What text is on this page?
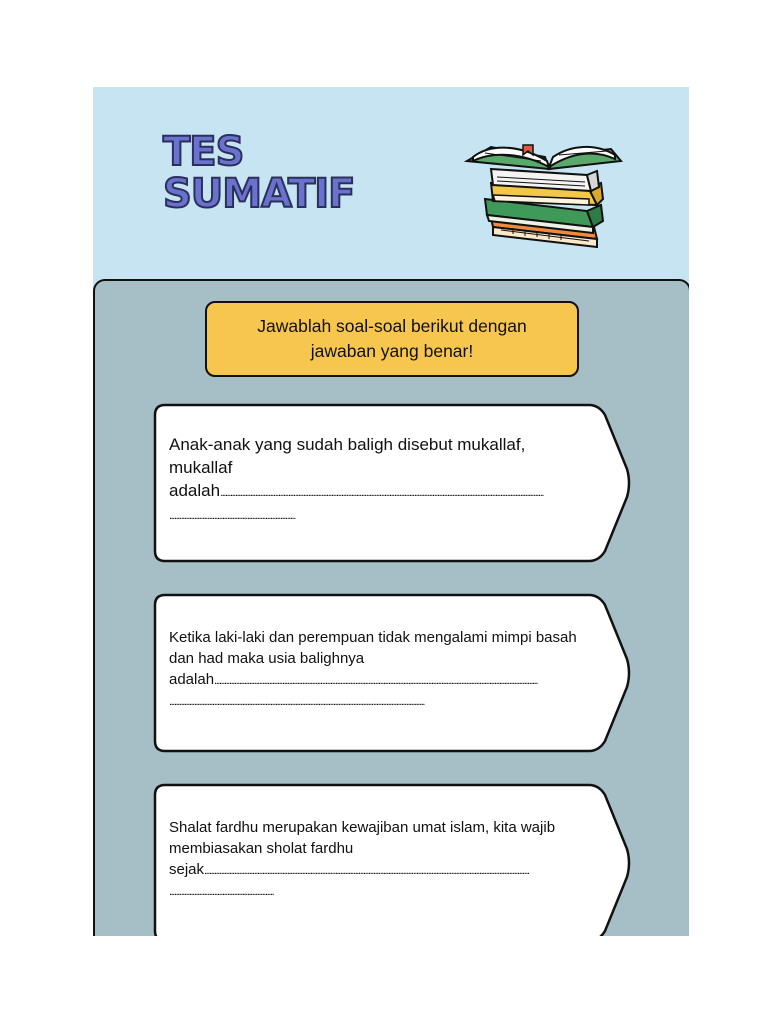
TES
SUMATIF
Jawablah soal-soal berikut dengan jawaban yang benar!
Anak-anak yang sudah baligh disebut mukallaf, mukallaf
adalah...................................................................................................................................................................................................
............................................................................
Ketika laki-laki dan perempuan tidak mengalami mimpi basah dan had maka usia balighnya
adalah...................................................................................................................................................................................................
..........................................................................................................................................................
Shalat fardhu merupakan kewajiban umat islam, kita wajib membiasakan sholat fardhu
sejak....................................................................................................................................................................................................
...............................................................
